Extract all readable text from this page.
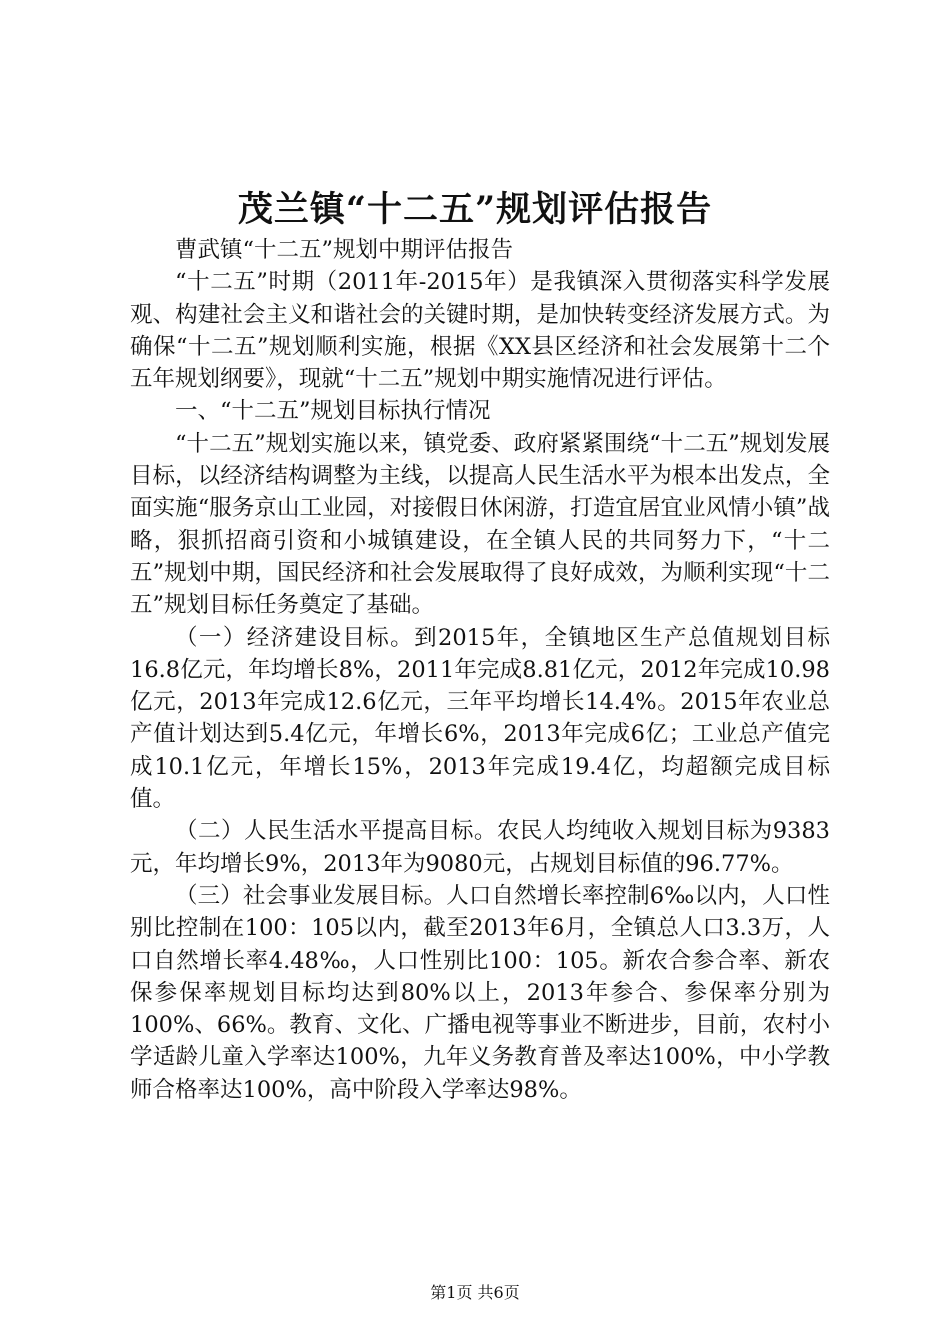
茂兰镇“十二五”规划评估报告

曹武镇“十二五”规划中期评估报告

“十二五”时期（2011年-2015年）是我镇深入贯彻落实科学发展观、构建社会主义和谐社会的关键时期，是加快转变经济发展方式。为确保“十二五”规划顺利实施，根据《XX县区经济和社会发展第十二个五年规划纲要》，现就“十二五”规划中期实施情况进行评估。

一、“十二五”规划目标执行情况

“十二五”规划实施以来，镇党委、政府紧紧围绕“十二五”规划发展目标，以经济结构调整为主线，以提高人民生活水平为根本出发点，全面实施“服务京山工业园，对接假日休闲游，打造宜居宜业风情小镇”战略，狠抓招商引资和小城镇建设，在全镇人民的共同努力下，“十二五”规划中期，国民经济和社会发展取得了良好成效，为顺利实现“十二五”规划目标任务奠定了基础。

（一）经济建设目标。到2015年，全镇地区生产总值规划目标16.8亿元，年均增长8%，2011年完成8.81亿元，2012年完成10.98亿元，2013年完成12.6亿元，三年平均增长14.4%。2015年农业总产值计划达到5.4亿元，年增长6%，2013年完成6亿；工业总产值完成10.1亿元，年增长15%，2013年完成19.4亿，均超额完成目标值。

（二）人民生活水平提高目标。农民人均纯收入规划目标为9383元，年均增长9%，2013年为9080元，占规划目标值的96.77%。

（三）社会事业发展目标。人口自然增长率控制6‰以内，人口性别比控制在100：105以内，截至2013年6月，全镇总人口3.3万，人口自然增长率4.48‰，人口性别比100：105。新农合参合率、新农保参保率规划目标均达到80%以上，2013年参合、参保率分别为100%、66%。教育、文化、广播电视等事业不断进步，目前，农村小学适龄儿童入学率达100%，九年义务教育普及率达100%，中小学教师合格率达100%，高中阶段入学率达98%。

第1页 共6页
